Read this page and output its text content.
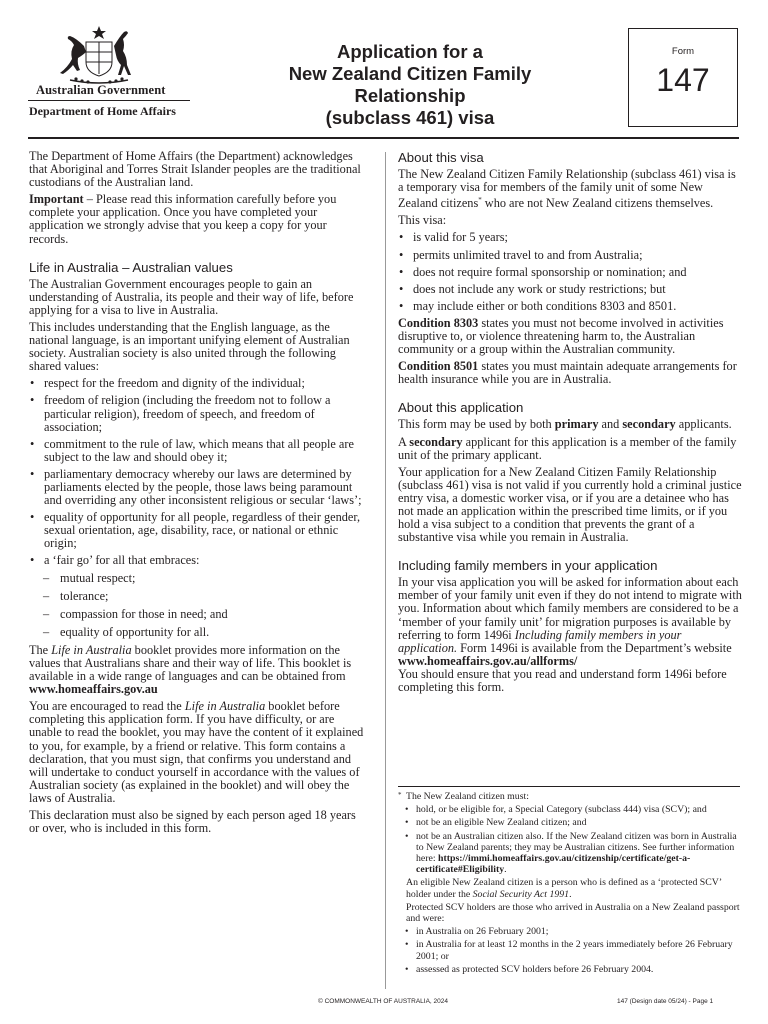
Australian Government
Department of Home Affairs
Application for a
New Zealand Citizen Family Relationship
(subclass 461) visa
Form
147

The Department of Home Affairs (the Department) acknowledges that Aboriginal and Torres Strait Islander peoples are the traditional custodians of the Australian land.

Important – Please read this information carefully before you complete your application. Once you have completed your application we strongly advise that you keep a copy for your records.

Life in Australia – Australian values

The Australian Government encourages people to gain an understanding of Australia, its people and their way of life, before applying for a visa to live in Australia.

This includes understanding that the English language, as the national language, is an important unifying element of Australian society. Australian society is also united through the following shared values:

• respect for the freedom and dignity of the individual;
• freedom of religion (including the freedom not to follow a particular religion), freedom of speech, and freedom of association;
• commitment to the rule of law, which means that all people are subject to the law and should obey it;
• parliamentary democracy whereby our laws are determined by parliaments elected by the people, those laws being paramount and overriding any other inconsistent religious or secular ‘laws’;
• equality of opportunity for all people, regardless of their gender, sexual orientation, age, disability, race, or national or ethnic origin;
• a ‘fair go’ for all that embraces:
– mutual respect;
– tolerance;
– compassion for those in need; and
– equality of opportunity for all.

The Life in Australia booklet provides more information on the values that Australians share and their way of life. This booklet is available in a wide range of languages and can be obtained from
www.homeaffairs.gov.au

You are encouraged to read the Life in Australia booklet before completing this application form. If you have difficulty, or are unable to read the booklet, you may have the content of it explained to you, for example, by a friend or relative. This form contains a declaration, that you must sign, that confirms you understand and will undertake to conduct yourself in accordance with the values of Australian society (as explained in the booklet) and will obey the laws of Australia.

This declaration must also be signed by each person aged 18 years or over, who is included in this form.

About this visa

The New Zealand Citizen Family Relationship (subclass 461) visa is a temporary visa for members of the family unit of some New Zealand citizens* who are not New Zealand citizens themselves.

This visa:

• is valid for 5 years;
• permits unlimited travel to and from Australia;
• does not require formal sponsorship or nomination; and
• does not include any work or study restrictions; but
• may include either or both conditions 8303 and 8501.

Condition 8303 states you must not become involved in activities disruptive to, or violence threatening harm to, the Australian community or a group within the Australian community.

Condition 8501 states you must maintain adequate arrangements for health insurance while you are in Australia.

About this application

This form may be used by both primary and secondary applicants.

A secondary applicant for this application is a member of the family unit of the primary applicant.

Your application for a New Zealand Citizen Family Relationship (subclass 461) visa is not valid if you currently hold a criminal justice entry visa, a domestic worker visa, or if you are a detainee who has not made an application within the prescribed time limits, or if you hold a visa subject to a condition that prevents the grant of a substantive visa while you remain in Australia.

Including family members in your application

In your visa application you will be asked for information about each member of your family unit even if they do not intend to migrate with you. Information about which family members are considered to be a ‘member of your family unit’ for migration purposes is available by referring to form 1496i Including family members in your application. Form 1496i is available from the Department’s website www.homeaffairs.gov.au/allforms/

You should ensure that you read and understand form 1496i before completing this form.

* The New Zealand citizen must:

• hold, or be eligible for, a Special Category (subclass 444) visa (SCV); and
• not be an eligible New Zealand citizen; and
• not be an Australian citizen also. If the New Zealand citizen was born in Australia to New Zealand parents; they may be Australian citizens. See further information here: https://immi.homeaffairs.gov.au/citizenship/certificate/get-a-certificate#Eligibility.

An eligible New Zealand citizen is a person who is defined as a ‘protected SCV’ holder under the Social Security Act 1991.

Protected SCV holders are those who arrived in Australia on a New Zealand passport and were:

• in Australia on 26 February 2001;
• in Australia for at least 12 months in the 2 years immediately before 26 February 2001; or
• assessed as protected SCV holders before 26 February 2004.
© COMMONWEALTH OF AUSTRALIA, 2024	147 (Design date 05/24) - Page 1
